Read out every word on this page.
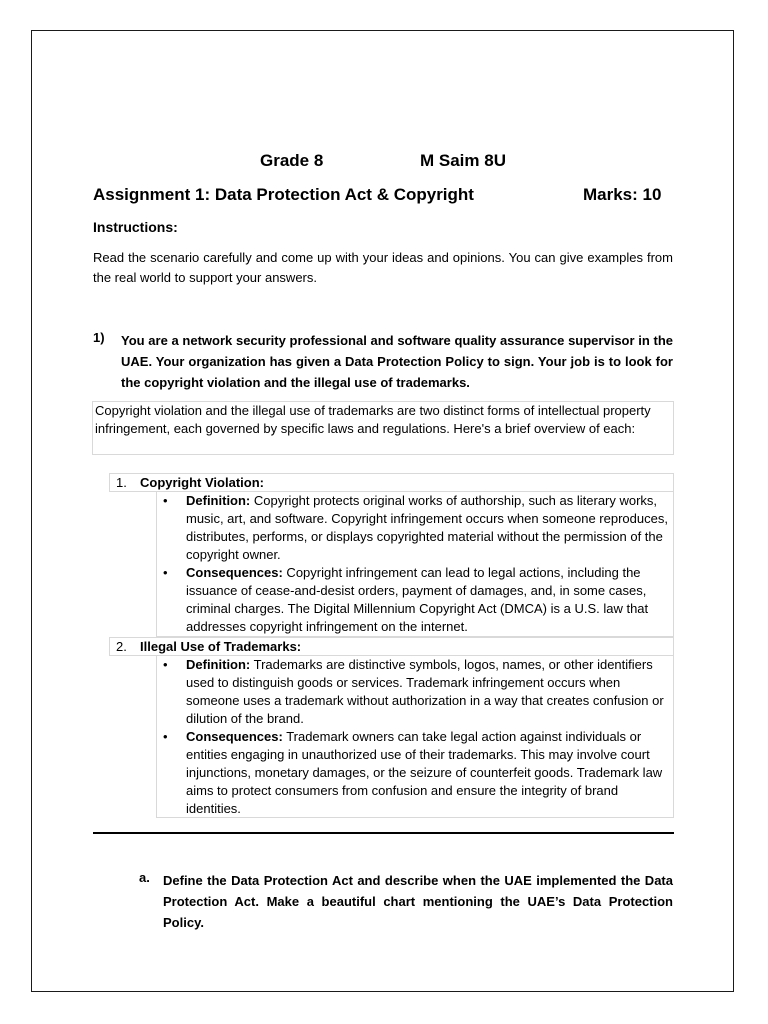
Grade 8	M Saim 8U
Assignment 1: Data Protection Act & Copyright	Marks: 10
Instructions:
Read the scenario carefully and come up with your ideas and opinions. You can give examples from the real world to support your answers.
1) You are a network security professional and software quality assurance supervisor in the UAE. Your organization has given a Data Protection Policy to sign. Your job is to look for the copyright violation and the illegal use of trademarks.
Copyright violation and the illegal use of trademarks are two distinct forms of intellectual property infringement, each governed by specific laws and regulations. Here's a brief overview of each:
1. Copyright Violation:
• Definition: Copyright protects original works of authorship, such as literary works, music, art, and software. Copyright infringement occurs when someone reproduces, distributes, performs, or displays copyrighted material without the permission of the copyright owner.
• Consequences: Copyright infringement can lead to legal actions, including the issuance of cease-and-desist orders, payment of damages, and, in some cases, criminal charges. The Digital Millennium Copyright Act (DMCA) is a U.S. law that addresses copyright infringement on the internet.
2. Illegal Use of Trademarks:
• Definition: Trademarks are distinctive symbols, logos, names, or other identifiers used to distinguish goods or services. Trademark infringement occurs when someone uses a trademark without authorization in a way that creates confusion or dilution of the brand.
• Consequences: Trademark owners can take legal action against individuals or entities engaging in unauthorized use of their trademarks. This may involve court injunctions, monetary damages, or the seizure of counterfeit goods. Trademark law aims to protect consumers from confusion and ensure the integrity of brand identities.
a. Define the Data Protection Act and describe when the UAE implemented the Data Protection Act. Make a beautiful chart mentioning the UAE’s Data Protection Policy.
